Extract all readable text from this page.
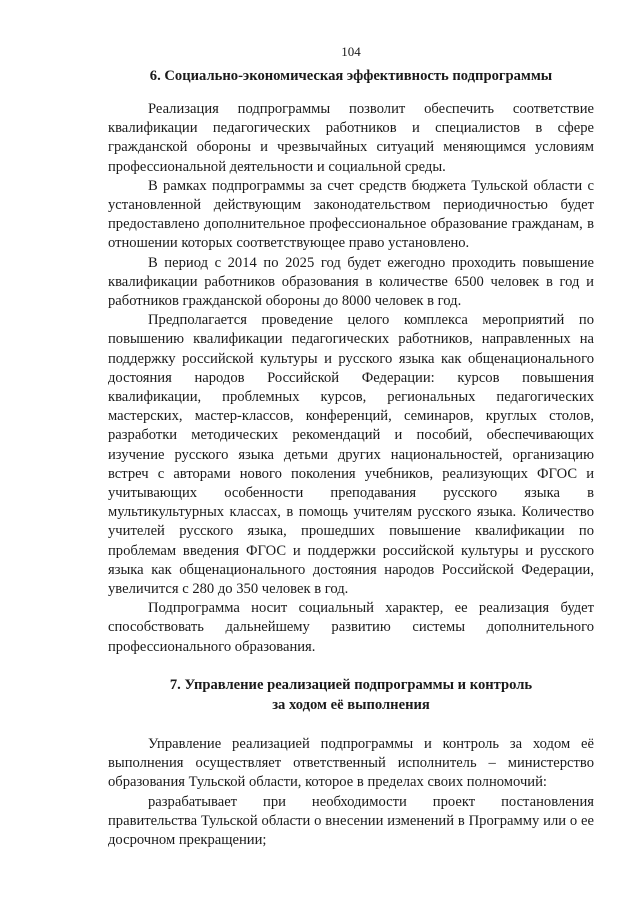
104
6. Социально-экономическая эффективность подпрограммы

Реализация подпрограммы позволит обеспечить соответствие квалификации педагогических работников и специалистов в сфере гражданской обороны и чрезвычайных ситуаций меняющимся условиям профессиональной деятельности и социальной среды.

В рамках подпрограммы за счет средств бюджета Тульской области с установленной действующим законодательством периодичностью будет предоставлено дополнительное профессиональное образование гражданам, в отношении которых соответствующее право установлено.

В период с 2014 по 2025 год будет ежегодно проходить повышение квалификации работников образования в количестве 6500 человек в год и работников гражданской обороны до 8000 человек в год.

Предполагается проведение целого комплекса мероприятий по повышению квалификации педагогических работников, направленных на поддержку российской культуры и русского языка как общенационального достояния народов Российской Федерации: курсов повышения квалификации, проблемных курсов, региональных педагогических мастерских, мастер-классов, конференций, семинаров, круглых столов, разработки методических рекомендаций и пособий, обеспечивающих изучение русского языка детьми других национальностей, организацию встреч с авторами нового поколения учебников, реализующих ФГОС и учитывающих особенности преподавания русского языка в мультикультурных классах, в помощь учителям русского языка. Количество учителей русского языка, прошедших повышение квалификации по проблемам введения ФГОС и поддержки российской культуры и русского языка как общенационального достояния народов Российской Федерации, увеличится с 280 до 350 человек в год.

Подпрограмма носит социальный характер, ее реализация будет способствовать дальнейшему развитию системы дополнительного профессионального образования.

7. Управление реализацией подпрограммы и контроль
за ходом её выполнения

Управление реализацией подпрограммы и контроль за ходом её выполнения осуществляет ответственный исполнитель – министерство образования Тульской области, которое в пределах своих полномочий:

разрабатывает при необходимости проект постановления правительства Тульской области о внесении изменений в Программу или о ее досрочном прекращении;
